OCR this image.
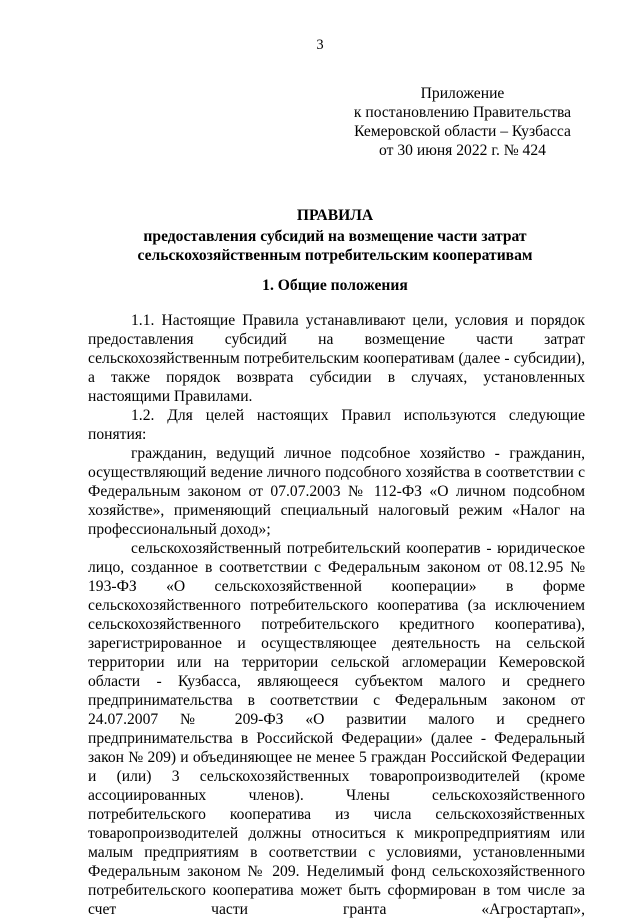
3
Приложение
к постановлению Правительства
Кемеровской области – Кузбасса
от 30 июня 2022 г. № 424
ПРАВИЛА
предоставления субсидий на возмещение части затрат
сельскохозяйственным потребительским кооперативам
1. Общие положения

1.1. Настоящие Правила устанавливают цели, условия и порядок предоставления субсидий на возмещение части затрат сельскохозяйственным потребительским кооперативам (далее - субсидии), а также порядок возврата субсидии в случаях, установленных настоящими Правилами.

1.2. Для целей настоящих Правил используются следующие понятия:

гражданин, ведущий личное подсобное хозяйство - гражданин, осуществляющий ведение личного подсобного хозяйства в соответствии с Федеральным законом от 07.07.2003 № 112-ФЗ «О личном подсобном хозяйстве», применяющий специальный налоговый режим «Налог на профессиональный доход»;

сельскохозяйственный потребительский кооператив - юридическое лицо, созданное в соответствии с Федеральным законом от 08.12.95 № 193-ФЗ «О сельскохозяйственной кооперации» в форме сельскохозяйственного потребительского кооператива (за исключением сельскохозяйственного потребительского кредитного кооператива), зарегистрированное и осуществляющее деятельность на сельской территории или на территории сельской агломерации Кемеровской области - Кузбасса, являющееся субъектом малого и среднего предпринимательства в соответствии с Федеральным законом от 24.07.2007 № 209-ФЗ «О развитии малого и среднего предпринимательства в Российской Федерации» (далее - Федеральный закон № 209) и объединяющее не менее 5 граждан Российской Федерации и (или) 3 сельскохозяйственных товаропроизводителей (кроме ассоциированных членов). Члены сельскохозяйственного потребительского кооператива из числа сельскохозяйственных товаропроизводителей должны относиться к микропредприятиям или малым предприятиям в соответствии с условиями, установленными Федеральным законом № 209. Неделимый фонд сельскохозяйственного потребительского кооператива может быть сформирован в том числе за счет части гранта «Агростартап»,
